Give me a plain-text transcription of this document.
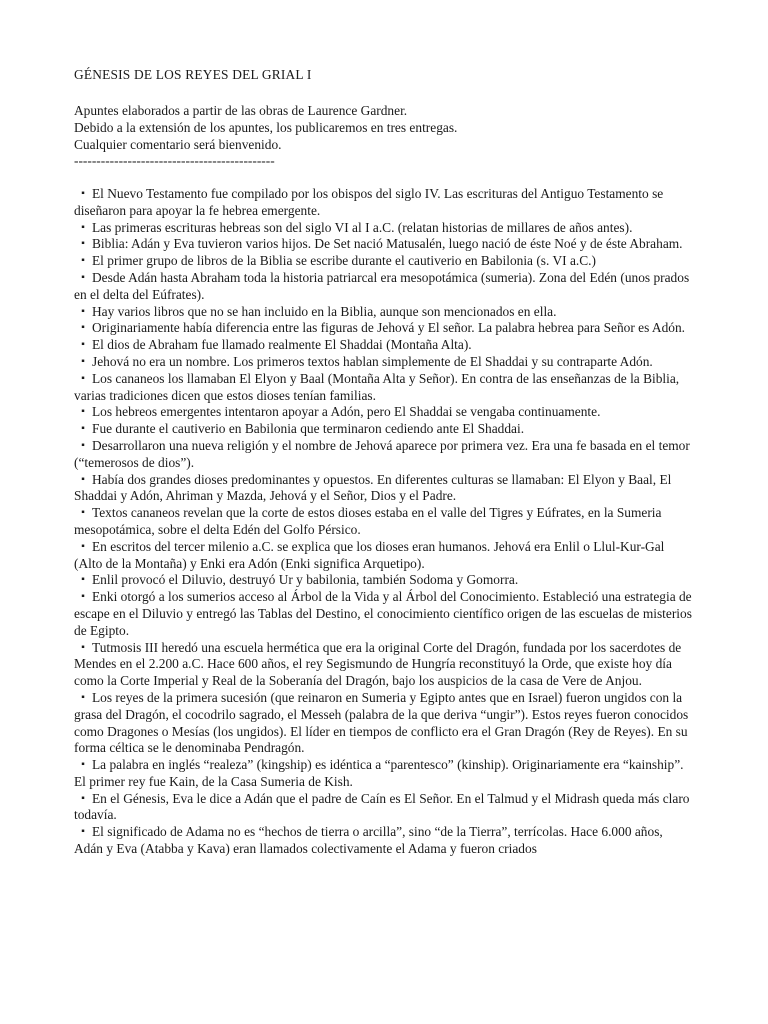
GÉNESIS DE LOS REYES DEL GRIAL I
Apuntes elaborados a partir de las obras de Laurence Gardner.
Debido a la extensión de los apuntes, los publicaremos en tres entregas.
Cualquier comentario será bienvenido.
---------------------------------------------
▪ El Nuevo Testamento fue compilado por los obispos del siglo IV. Las escrituras del Antiguo Testamento se diseñaron para apoyar la fe hebrea emergente.
▪ Las primeras escrituras hebreas son del siglo VI al I a.C. (relatan historias de millares de años antes).
▪ Biblia: Adán y Eva tuvieron varios hijos. De Set nació Matusalén, luego nació de éste Noé y de éste Abraham.
▪ El primer grupo de libros de la Biblia se escribe durante el cautiverio en Babilonia (s. VI a.C.)
▪ Desde Adán hasta Abraham toda la historia patriarcal era mesopotámica (sumeria). Zona del Edén (unos prados en el delta del Eúfrates).
▪ Hay varios libros que no se han incluido en la Biblia, aunque son mencionados en ella.
▪ Originariamente había diferencia entre las figuras de Jehová y El señor. La palabra hebrea para Señor es Adón.
▪ El dios de Abraham fue llamado realmente El Shaddai (Montaña Alta).
▪ Jehová no era un nombre. Los primeros textos hablan simplemente de El Shaddai y su contraparte Adón.
▪ Los cananeos los llamaban El Elyon y Baal (Montaña Alta y Señor). En contra de las enseñanzas de la Biblia, varias tradiciones dicen que estos dioses tenían familias.
▪ Los hebreos emergentes intentaron apoyar a Adón, pero El Shaddai se vengaba continuamente.
▪ Fue durante el cautiverio en Babilonia que terminaron cediendo ante El Shaddai.
▪ Desarrollaron una nueva religión y el nombre de Jehová aparece por primera vez. Era una fe basada en el temor (“temerosos de dios”).
▪ Había dos grandes dioses predominantes y opuestos. En diferentes culturas se llamaban: El Elyon y Baal, El Shaddai y Adón, Ahriman y Mazda, Jehová y el Señor, Dios y el Padre.
▪ Textos cananeos revelan que la corte de estos dioses estaba en el valle del Tigres y Eúfrates, en la Sumeria mesopotámica, sobre el delta Edén del Golfo Pérsico.
▪ En escritos del tercer milenio a.C. se explica que los dioses eran humanos. Jehová era Enlil o Llul-Kur-Gal (Alto de la Montaña) y Enki era Adón (Enki significa Arquetipo).
▪ Enlil provocó el Diluvio, destruyó Ur y babilonia, también Sodoma y Gomorra.
▪ Enki otorgó a los sumerios acceso al Árbol de la Vida y al Árbol del Conocimiento. Estableció una estrategia de escape en el Diluvio y entregó las Tablas del Destino, el conocimiento científico origen de las escuelas de misterios de Egipto.
▪ Tutmosis III heredó una escuela hermética que era la original Corte del Dragón, fundada por los sacerdotes de Mendes en el 2.200 a.C. Hace 600 años, el rey Segismundo de Hungría reconstituyó la Orde, que existe hoy día como la Corte Imperial y Real de la Soberanía del Dragón, bajo los auspicios de la casa de Vere de Anjou.
▪ Los reyes de la primera sucesión (que reinaron en Sumeria y Egipto antes que en Israel) fueron ungidos con la grasa del Dragón, el cocodrilo sagrado, el Messeh (palabra de la que deriva “ungir”). Estos reyes fueron conocidos como Dragones o Mesías (los ungidos). El líder en tiempos de conflicto era el Gran Dragón (Rey de Reyes). En su forma céltica se le denominaba Pendragón.
▪ La palabra en inglés “realeza” (kingship) es idéntica a “parentesco” (kinship). Originariamente era “kainship”. El primer rey fue Kain, de la Casa Sumeria de Kish.
▪ En el Génesis, Eva le dice a Adán que el padre de Caín es El Señor. En el Talmud y el Midrash queda más claro todavía.
▪ El significado de Adama no es “hechos de tierra o arcilla”, sino “de la Tierra”, terrícolas. Hace 6.000 años, Adán y Eva (Atabba y Kava) eran llamados colectivamente el Adama y fueron criados
